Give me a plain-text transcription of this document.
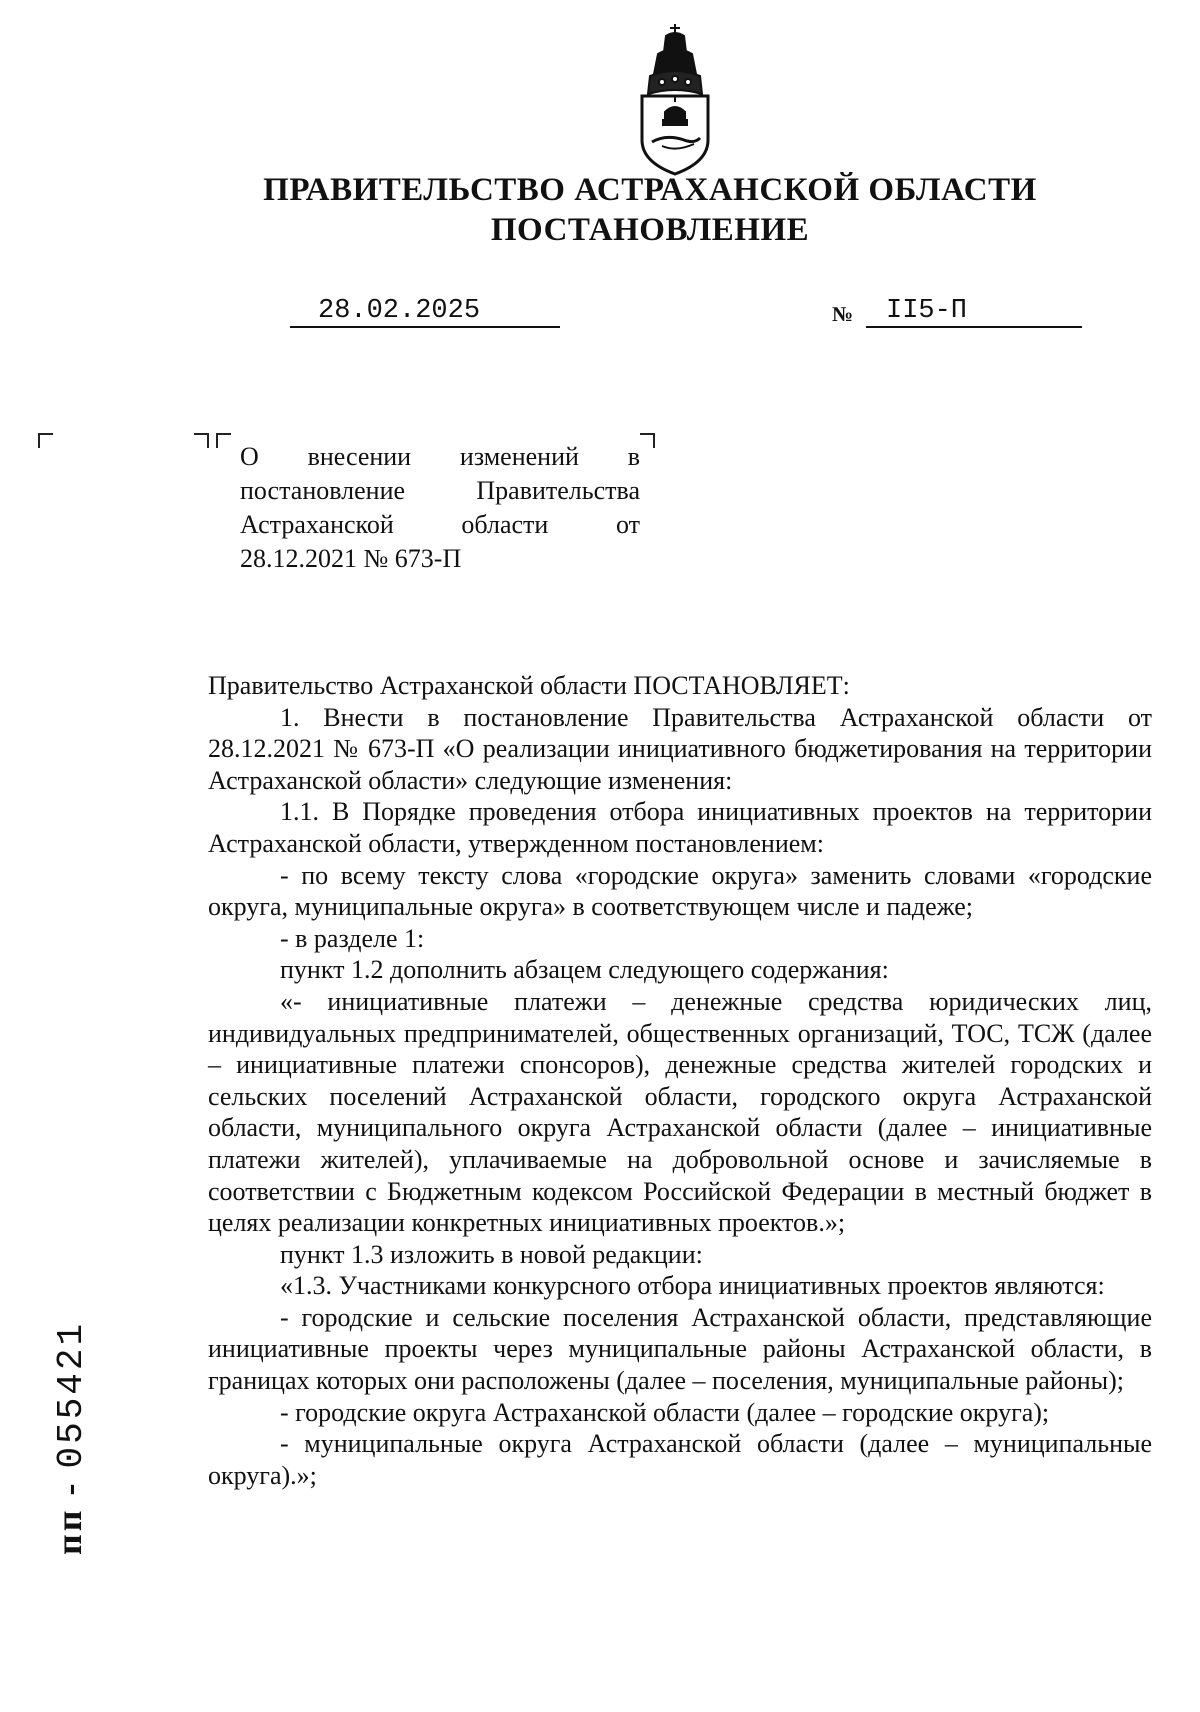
ПРАВИТЕЛЬСТВО АСТРАХАНСКОЙ ОБЛАСТИ
ПОСТАНОВЛЕНИЕ
28.02.2025	№ II5-П

О внесении изменений в постановление Правительства Астраханской области от 28.12.2021 № 673-П

Правительство Астраханской области ПОСТАНОВЛЯЕТ:

1. Внести в постановление Правительства Астраханской области от 28.12.2021 № 673-П «О реализации инициативного бюджетирования на территории Астраханской области» следующие изменения:

1.1. В Порядке проведения отбора инициативных проектов на территории Астраханской области, утвержденном постановлением:

- по всему тексту слова «городские округа» заменить словами «городские округа, муниципальные округа» в соответствующем числе и падеже;

- в разделе 1:

пункт 1.2 дополнить абзацем следующего содержания:

«- инициативные платежи – денежные средства юридических лиц, индивидуальных предпринимателей, общественных организаций, ТОС, ТСЖ (далее – инициативные платежи спонсоров), денежные средства жителей городских и сельских поселений Астраханской области, городского округа Астраханской области, муниципального округа Астраханской области (далее – инициативные платежи жителей), уплачиваемые на добровольной основе и зачисляемые в соответствии с Бюджетным кодексом Российской Федерации в местный бюджет в целях реализации конкретных инициативных проектов.»;

пункт 1.3 изложить в новой редакции:

«1.3. Участниками конкурсного отбора инициативных проектов являются:

- городские и сельские поселения Астраханской области, представляющие инициативные проекты через муниципальные районы Астраханской области, в границах которых они расположены (далее – поселения, муниципальные районы);

- городские округа Астраханской области (далее – городские округа);

- муниципальные округа Астраханской области (далее – муниципальные округа).»;

пп - 055421
